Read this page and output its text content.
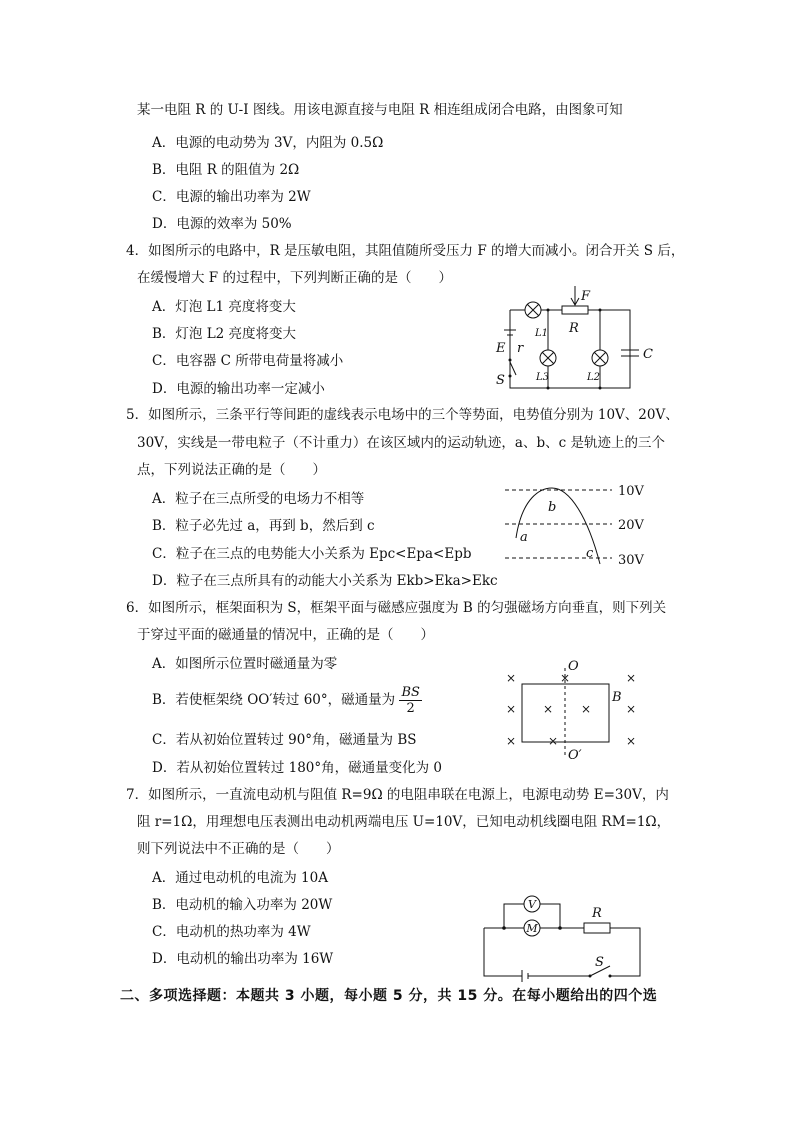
某一电阻 R 的 U-I 图线。用该电源直接与电阻 R 相连组成闭合电路，由图象可知
A．电源的电动势为 3V，内阻为 0.5Ω
B．电阻 R 的阻值为 2Ω
C．电源的输出功率为 2W
D．电源的效率为 50%
4．如图所示的电路中，R 是压敏电阻，其阻值随所受压力 F 的增大而减小。闭合开关 S 后，
在缓慢增大 F 的过程中，下列判断正确的是（　　）
A．灯泡 L1 亮度将变大
B．灯泡 L2 亮度将变大
C．电容器 C 所带电荷量将减小
D．电源的输出功率一定减小
F
R
L1
E r
S	L3	L2
C
5．如图所示，三条平行等间距的虚线表示电场中的三个等势面，电势值分别为 10V、20V、
30V，实线是一带电粒子（不计重力）在该区域内的运动轨迹，a、b、c 是轨迹上的三个
点，下列说法正确的是（　　）
A．粒子在三点所受的电场力不相等
B．粒子必先过 a，再到 b，然后到 c
C．粒子在三点的电势能大小关系为 Epc<Epa<Epb
D．粒子在三点所具有的动能大小关系为 Ekb>Eka>Ekc
10V
20V
30V
b
a
c
6．如图所示，框架面积为 S，框架平面与磁感应强度为 B 的匀强磁场方向垂直，则下列关
于穿过平面的磁通量的情况中，正确的是（　　）
A．如图所示位置时磁通量为零
B．若使框架绕 OO′转过 60°，磁通量为 $\frac{BS}{2}$
C．若从初始位置转过 90°角，磁通量为 BS
D．若从初始位置转过 180°角，磁通量变化为 0
×	×	×
× × ×	×
×	×	×
O
O′
B
7．如图所示，一直流电动机与阻值 R=9Ω 的电阻串联在电源上，电源电动势 E=30V，内
阻 r=1Ω，用理想电压表测出电动机两端电压 U=10V，已知电动机线圈电阻 RM=1Ω，
则下列说法中不正确的是（　　）
A．通过电动机的电流为 10A
B．电动机的输入功率为 20W
C．电动机的热功率为 4W
D．电动机的输出功率为 16W
V
M
R
S
二、多项选择题：本题共 3 小题，每小题 5 分，共 15 分。在每小题给出的四个选
